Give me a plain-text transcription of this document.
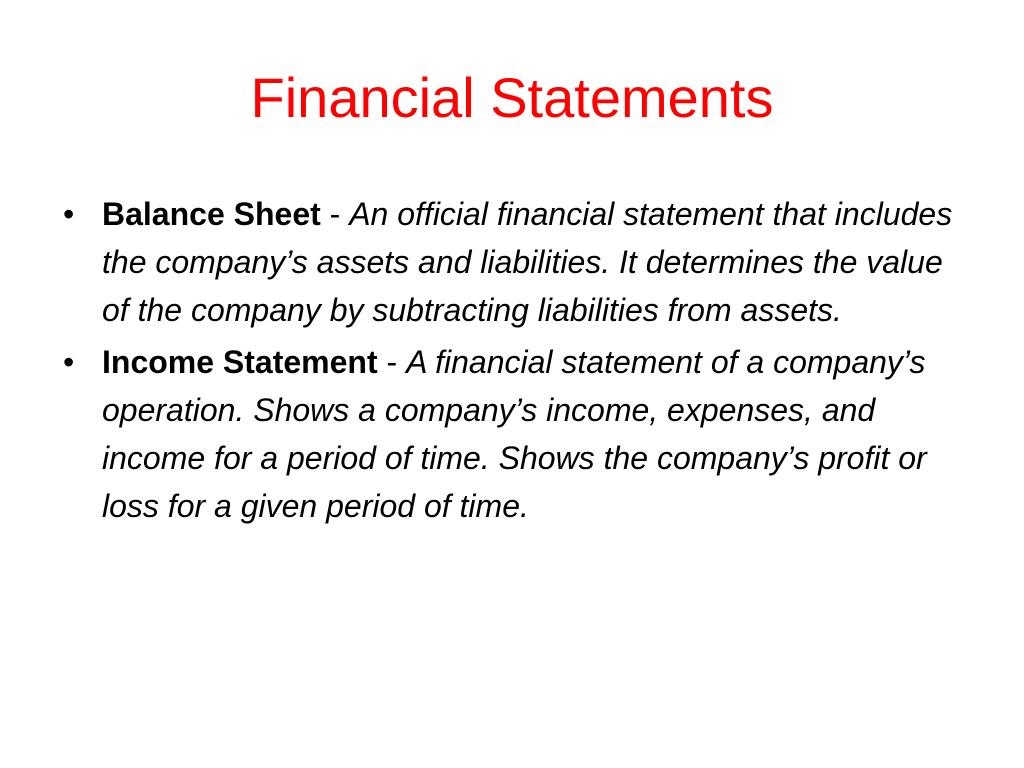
Financial Statements
• Balance Sheet - An official financial statement that includes the company’s assets and liabilities. It determines the value of the company by subtracting liabilities from assets.
• Income Statement - A financial statement of a company’s operation. Shows a company’s income, expenses, and income for a period of time. Shows the company’s profit or loss for a given period of time.
